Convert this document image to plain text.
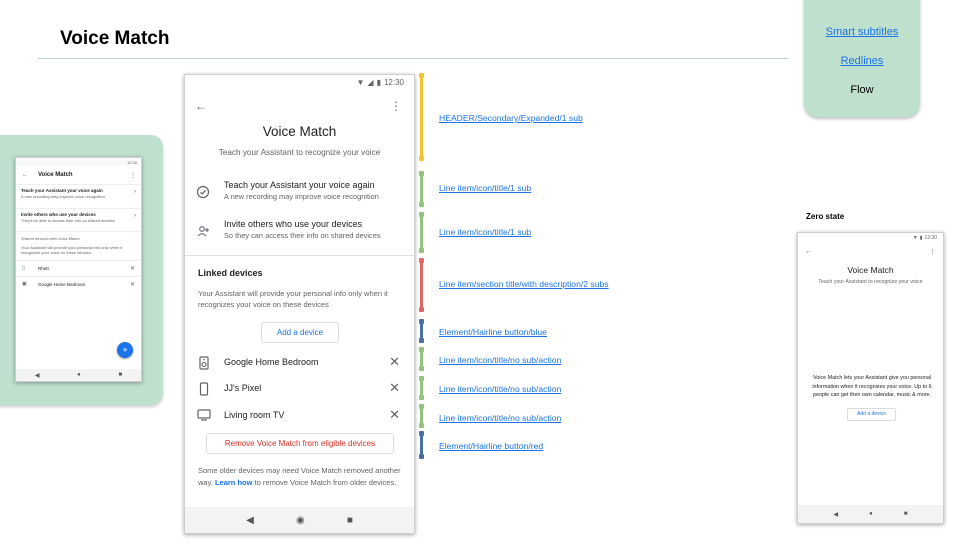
Voice Match	Smart subtitles
Redlines
Flow
12:30
← Voice Match	⋮
Teach your Assistant your voice again
A new recording may improve voice recognition
›
Invite others who use your devices
They'll be able to access their info on shared devices
›
Shared devices with Voice Match
Your Assistant will provide your personal info only when it recognizes your voice on these devices.
▯	Rhett	✕
▣	Google Home Bedroom	✕
+
◀	●	■
▼ ◢ ▮ 12:30
←	⋮
Voice Match
Teach your Assistant to recognize your voice
Teach your Assistant your voice again
A new recording may improve voice recognition
Invite others who use your devices
So they can access their info on shared devices
Linked devices
Your Assistant will provide your personal info only when it recognizes your voice on these devices
Add a device
Google Home Bedroom	✕
JJ's Pixel	✕
Living room TV	✕
Remove Voice Match from eligible devices
Some older devices may need Voice Match removed another way. Learn how to remove Voice Match from older devices.
◀	◉	■
HEADER/Secondary/Expanded/1 sub
Line item/icon/title/1 sub
Line item/icon/title/1 sub
Line item/section title/with description/2 subs
Element/Hairline button/blue
Line item/icon/title/no sub/action
Line item/icon/title/no sub/action
Line item/icon/title/no sub/action
Element/Hairline button/red
Zero state
▼ ▮ 12:30
←	⋮
Voice Match
Teach your Assistant to recognize your voice
Voice Match lets your Assistant give you personal information when it recognizes your voice. Up to 6 people can get their own calendar, music & more.
Add a device
◀	●	■
